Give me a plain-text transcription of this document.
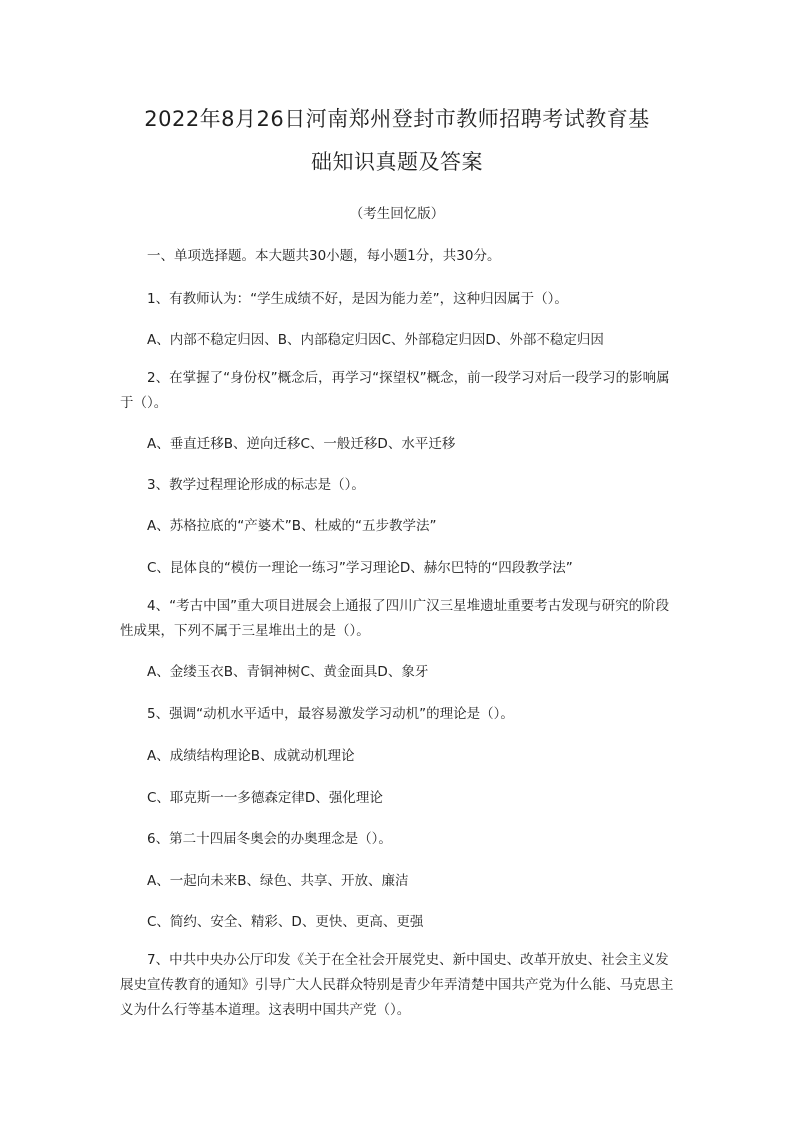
2022年8月26日河南郑州登封市教师招聘考试教育基
础知识真题及答案
（考生回忆版）
一、单项选择题。本大题共30小题，每小题1分，共30分。
1、有教师认为：“学生成绩不好，是因为能力差”，这种归因属于（）。
A、内部不稳定归因、B、内部稳定归因C、外部稳定归因D、外部不稳定归因
2、在掌握了“身份权”概念后，再学习“探望权”概念，前一段学习对后一段学习的影响属于（）。
A、垂直迁移B、逆向迁移C、一般迁移D、水平迁移
3、教学过程理论形成的标志是（）。
A、苏格拉底的“产婆术”B、杜威的“五步教学法”
C、昆体良的“模仿一理论一练习”学习理论D、赫尔巴特的“四段教学法”
4、“考古中国”重大项目进展会上通报了四川广汉三星堆遗址重要考古发现与研究的阶段性成果，下列不属于三星堆出土的是（）。
A、金缕玉衣B、青铜神树C、黄金面具D、象牙
5、强调“动机水平适中，最容易激发学习动机”的理论是（）。
A、成绩结构理论B、成就动机理论
C、耶克斯一一多德森定律D、强化理论
6、第二十四届冬奥会的办奥理念是（）。
A、一起向未来B、绿色、共享、开放、廉洁
C、简约、安全、精彩、D、更快、更高、更强
7、中共中央办公厅印发《关于在全社会开展党史、新中国史、改革开放史、社会主义发展史宣传教育的通知》引导广大人民群众特别是青少年弄清楚中国共产党为什么能、马克思主义为什么行等基本道理。这表明中国共产党（）。
